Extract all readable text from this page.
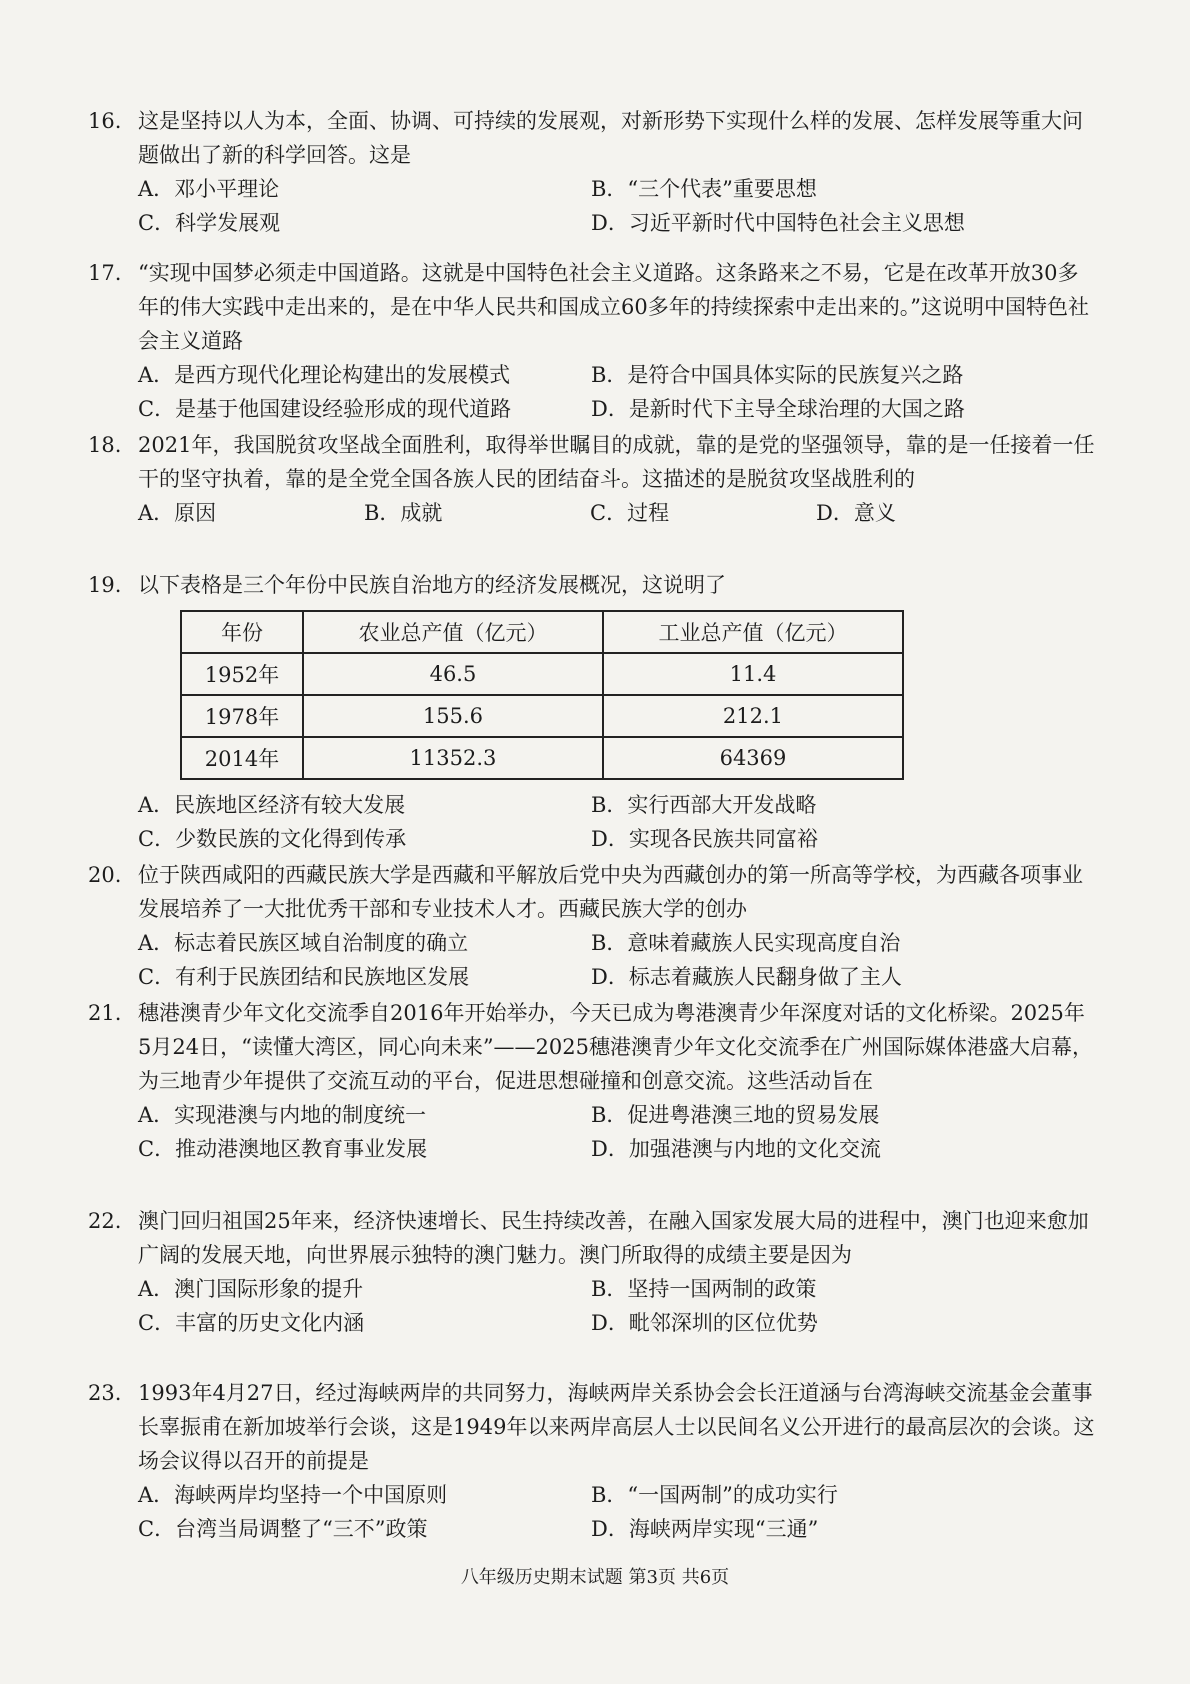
16. 这是坚持以人为本，全面、协调、可持续的发展观，对新形势下实现什么样的发展、怎样发展等重大问题做出了新的科学回答。这是
A．邓小平理论	B．“三个代表”重要思想
C．科学发展观	D．习近平新时代中国特色社会主义思想
17. “实现中国梦必须走中国道路。这就是中国特色社会主义道路。这条路来之不易，它是在改革开放30多年的伟大实践中走出来的，是在中华人民共和国成立60多年的持续探索中走出来的。”这说明中国特色社会主义道路
A．是西方现代化理论构建出的发展模式	B．是符合中国具体实际的民族复兴之路
C．是基于他国建设经验形成的现代道路	D．是新时代下主导全球治理的大国之路
18. 2021年，我国脱贫攻坚战全面胜利，取得举世瞩目的成就，靠的是党的坚强领导，靠的是一任接着一任干的坚守执着，靠的是全党全国各族人民的团结奋斗。这描述的是脱贫攻坚战胜利的
A．原因	B．成就	C．过程	D．意义
19. 以下表格是三个年份中民族自治地方的经济发展概况，这说明了
年份	农业总产值（亿元）	工业总产值（亿元）
1952年	46.5	11.4
1978年	155.6	212.1
2014年	11352.3	64369
A．民族地区经济有较大发展	B．实行西部大开发战略
C．少数民族的文化得到传承	D．实现各民族共同富裕
20. 位于陕西咸阳的西藏民族大学是西藏和平解放后党中央为西藏创办的第一所高等学校，为西藏各项事业发展培养了一大批优秀干部和专业技术人才。西藏民族大学的创办
A．标志着民族区域自治制度的确立	B．意味着藏族人民实现高度自治
C．有利于民族团结和民族地区发展	D．标志着藏族人民翻身做了主人
21. 穗港澳青少年文化交流季自2016年开始举办，今天已成为粤港澳青少年深度对话的文化桥梁。2025年5月24日，“读懂大湾区，同心向未来”——2025穗港澳青少年文化交流季在广州国际媒体港盛大启幕，为三地青少年提供了交流互动的平台，促进思想碰撞和创意交流。这些活动旨在
A．实现港澳与内地的制度统一	B．促进粤港澳三地的贸易发展
C．推动港澳地区教育事业发展	D．加强港澳与内地的文化交流
22. 澳门回归祖国25年来，经济快速增长、民生持续改善，在融入国家发展大局的进程中，澳门也迎来愈加广阔的发展天地，向世界展示独特的澳门魅力。澳门所取得的成绩主要是因为
A．澳门国际形象的提升	B．坚持一国两制的政策
C．丰富的历史文化内涵	D．毗邻深圳的区位优势
23. 1993年4月27日，经过海峡两岸的共同努力，海峡两岸关系协会会长汪道涵与台湾海峡交流基金会董事长辜振甫在新加坡举行会谈，这是1949年以来两岸高层人士以民间名义公开进行的最高层次的会谈。这场会议得以召开的前提是
A．海峡两岸均坚持一个中国原则	B．“一国两制”的成功实行
C．台湾当局调整了“三不”政策	D．海峡两岸实现“三通”
八年级历史期末试题 第3页 共6页
